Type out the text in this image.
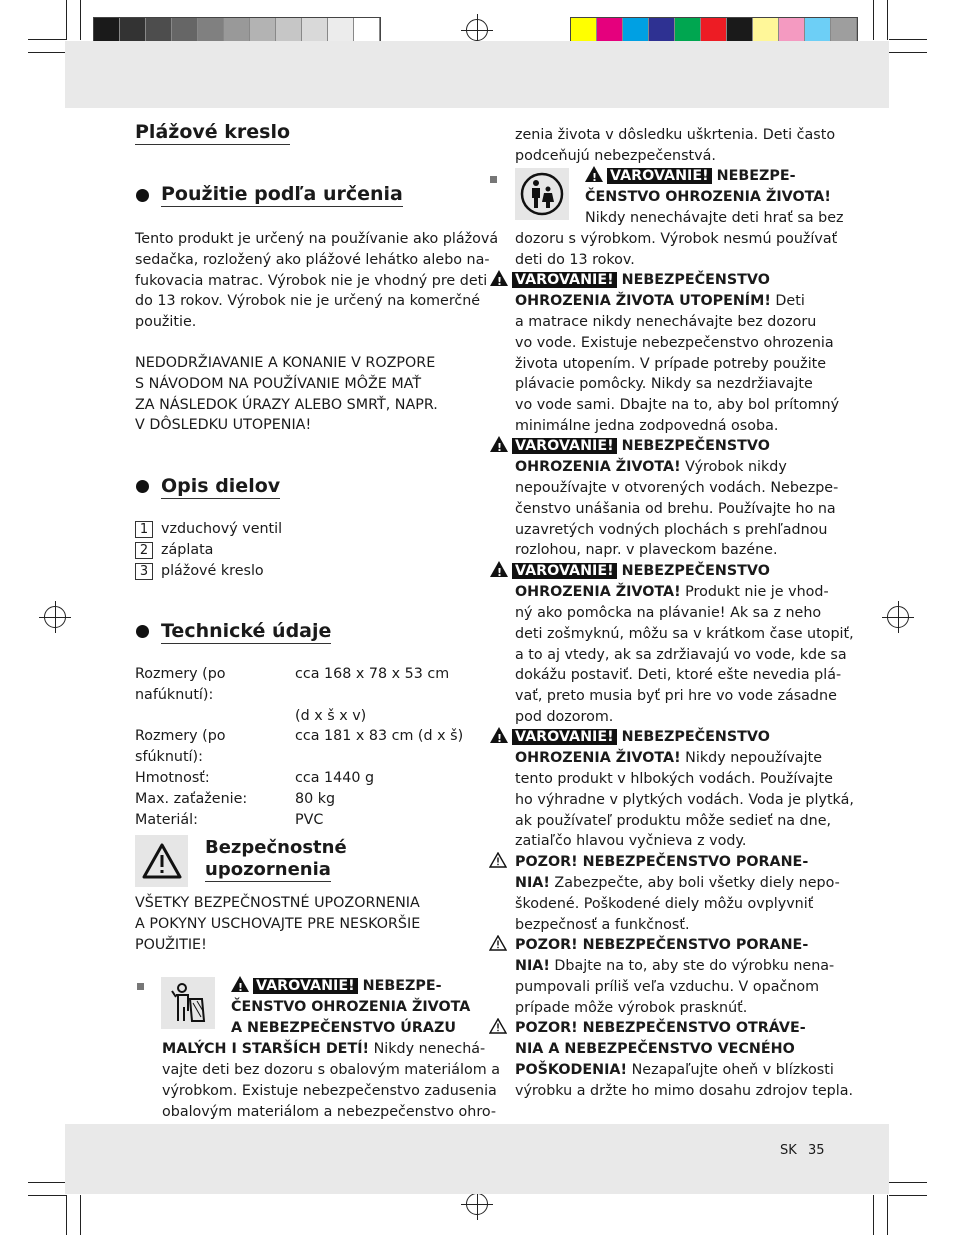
Plážové kreslo
Použitie podľa určenia
Tento produkt je určený na používanie ako plážová
sedačka, rozložený ako plážové lehátko alebo na-
fukovacia matrac. Výrobok nie je vhodný pre deti
do 13 rokov. Výrobok nie je určený na komerčné
použitie.
NEDODRŽIAVANIE A KONANIE V ROZPORE
S NÁVODOM NA POUŽÍVANIE MÔŽE MAŤ
ZA NÁSLEDOK ÚRAZY ALEBO SMRŤ, NAPR.
V DÔSLEDKU UTOPENIA!
Opis dielov
1 vzduchový ventil
2 záplata
3 plážové kreslo
Technické údaje
Rozmery (po nafúknutí):	cca 168 x 78 x 53 cm
	(d x š x v)
Rozmery (po sfúknutí):	cca 181 x 83 cm (d x š)
Hmotnosť:	cca 1440 g
Max. zaťaženie:	80 kg
Materiál:	PVC
Bezpečnostné
upozornenia
VŠETKY BEZPEČNOSTNÉ UPOZORNENIA
A POKYNY USCHOVAJTE PRE NESKORŠIE
POUŽITIE!
!VAROVANIE! NEBEZPE-
ČENSTVO OHROZENIA ŽIVOTA
A NEBEZPEČENSTVO ÚRAZU
MALÝCH I STARŠÍCH DETÍ! Nikdy nenechá-
vajte deti bez dozoru s obalovým materiálom a
výrobkom. Existuje nebezpečenstvo zadusenia
obalovým materiálom a nebezpečenstvo ohro-
zenia života v dôsledku uškrtenia. Deti často
podceňujú nebezpečenstvá.
!VAROVANIE! NEBEZPE-
ČENSTVO OHROZENIA ŽIVOTA!
Nikdy nenechávajte deti hrať sa bez
dozoru s výrobkom. Výrobok nesmú používať
deti do 13 rokov.
!VAROVANIE! NEBEZPEČENSTVO
OHROZENIA ŽIVOTA UTOPENÍM! Deti
a matrace nikdy nenechávajte bez dozoru
vo vode. Existuje nebezpečenstvo ohrozenia
života utopením. V prípade potreby použite
plávacie pomôcky. Nikdy sa nezdržiavajte
vo vode sami. Dbajte na to, aby bol prítomný
minimálne jedna zodpovedná osoba.
!VAROVANIE! NEBEZPEČENSTVO
OHROZENIA ŽIVOTA! Výrobok nikdy
nepoužívajte v otvorených vodách. Nebezpe-
čenstvo unášania od brehu. Používajte ho na
uzavretých vodných plochách s prehľadnou
rozlohou, napr. v plaveckom bazéne.
!VAROVANIE! NEBEZPEČENSTVO
OHROZENIA ŽIVOTA! Produkt nie je vhod-
ný ako pomôcka na plávanie! Ak sa z neho
deti zošmyknú, môžu sa v krátkom čase utopiť,
a to aj vtedy, ak sa zdržiavajú vo vode, kde sa
dokážu postaviť. Deti, ktoré ešte nevedia plá-
vať, preto musia byť pri hre vo vode zásadne
pod dozorom.
!VAROVANIE! NEBEZPEČENSTVO
OHROZENIA ŽIVOTA! Nikdy nepoužívajte
tento produkt v hlbokých vodách. Používajte
ho výhradne v plytkých vodách. Voda je plytká,
ak používateľ produktu môže sedieť na dne,
zatiaľčo hlavou vyčnieva z vody.
POZOR! NEBEZPEČENSTVO PORANE-
NIA! Zabezpečte, aby boli všetky diely nepo-
škodené. Poškodené diely môžu ovplyvniť
bezpečnosť a funkčnosť.
POZOR! NEBEZPEČENSTVO PORANE-
NIA! Dbajte na to, aby ste do výrobku nena-
pumpovali príliš veľa vzduchu. V opačnom
prípade môže výrobok prasknúť.
POZOR! NEBEZPEČENSTVO OTRÁVE-
NIA A NEBEZPEČENSTVO VECNÉHO
POŠKODENIA! Nezapaľujte oheň v blízkosti
výrobku a držte ho mimo dosahu zdrojov tepla.
SK 35
